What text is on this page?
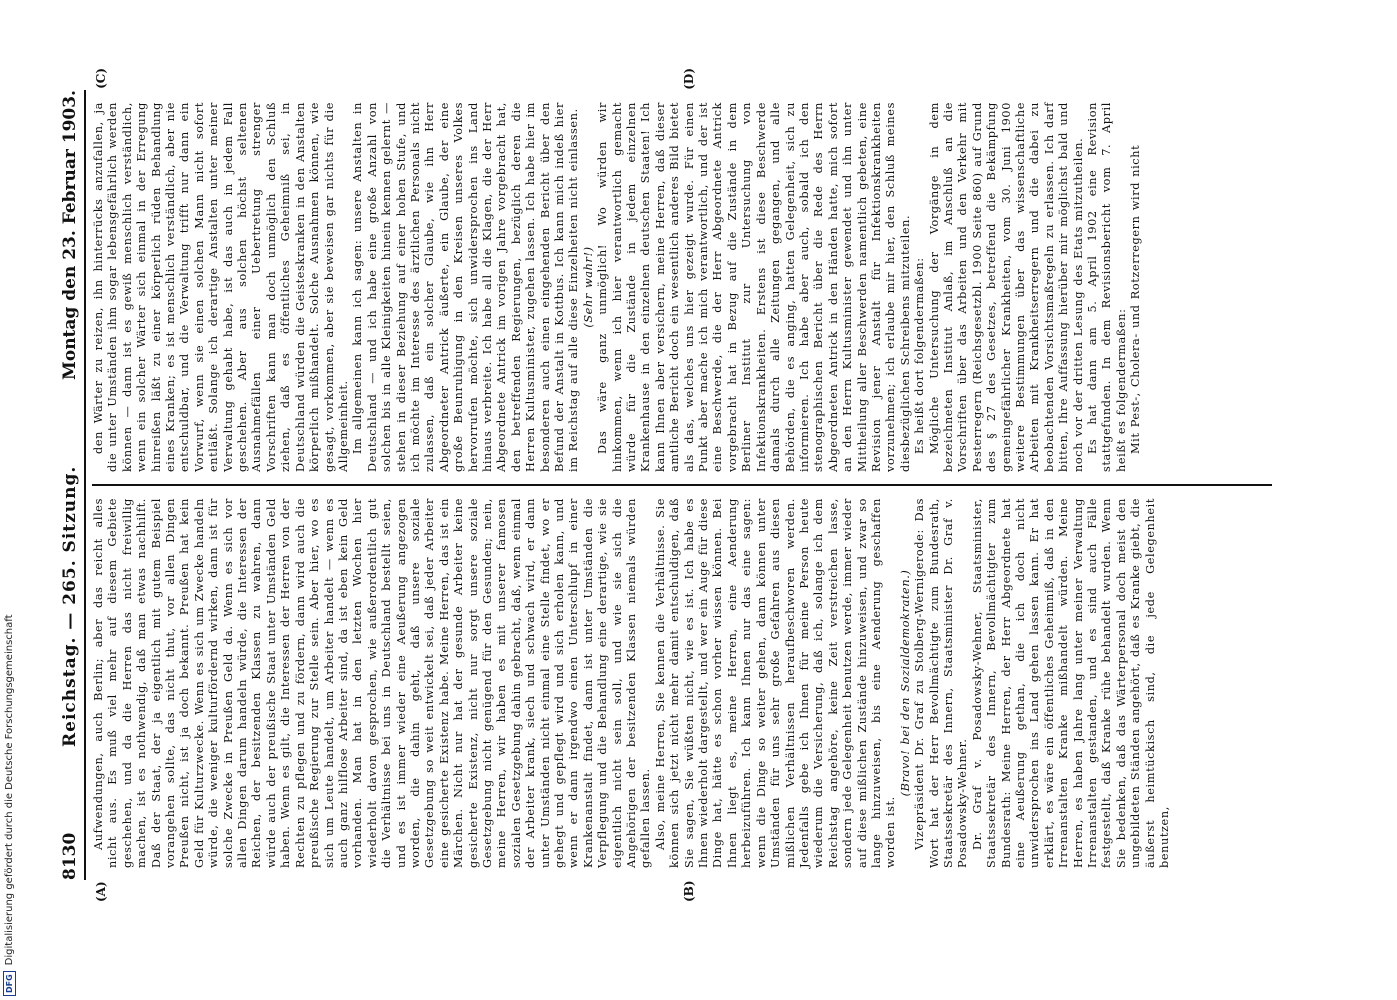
8130
Reichstag. — 265. Sitzung.
Montag den 23. Februar 1903.
(A)	(B)
(C)	(D)

Aufwendungen, auch Berlin; aber das reicht alles nicht aus. Es muß viel mehr auf diesem Gebiete geschehen, und da die Herren das nicht freiwillig machen, ist es nothwendig, daß man etwas nachhilft. Daß der Staat, der ja eigentlich mit gutem Beispiel vorangehen sollte, das nicht thut, vor allen Dingen Preußen nicht, ist ja doch bekannt. Preußen hat kein Geld für Kulturzwecke. Wenn es sich um Zwecke handeln würde, die weniger kulturfördernd wirken, dann ist für solche Zwecke in Preußen Geld da. Wenn es sich vor allen Dingen darum handeln würde, die Interessen der Reichen, der besitzenden Klassen zu wahren, dann würde auch der preußische Staat unter Umständen Geld haben. Wenn es gilt, die Interessen der Herren von der Rechten zu pflegen und zu fördern, dann wird auch die preußische Regierung zur Stelle sein. Aber hier, wo es sich um Leute handelt, um Arbeiter handelt — wenn es auch ganz hilflose Arbeiter sind, da ist eben kein Geld vorhanden. Man hat in den letzten Wochen hier wiederholt davon gesprochen, wie außerordentlich gut die Verhältnisse bei uns in Deutschland bestellt seien, und es ist immer wieder eine Aeußerung angezogen worden, die dahin geht, daß unsere soziale Gesetzgebung so weit entwickelt sei, daß jeder Arbeiter eine gesicherte Existenz habe. Meine Herren, das ist ein Märchen. Nicht nur hat der gesunde Arbeiter keine gesicherte Existenz, nicht nur sorgt unsere soziale Gesetzgebung nicht genügend für den Gesunden; nein, meine Herren, wir haben es mit unserer famosen sozialen Gesetzgebung dahin gebracht, daß, wenn einmal der Arbeiter krank, siech und schwach wird, er dann unter Umständen nicht einmal eine Stelle findet, wo er gehegt und gepflegt wird und sich erholen kann, und wenn er dann irgendwo einen Unterschlupf in einer Krankenanstalt findet, dann ist unter Umständen die Verpflegung und die Behandlung eine derartige, wie sie eigentlich nicht sein soll, und wie sie sich die Angehörigen der besitzenden Klassen niemals würden gefallen lassen. Also, meine Herren, Sie kennen die Verhältnisse. Sie können sich jetzt nicht mehr damit entschuldigen, daß Sie sagen, Sie wüßten nicht, wie es ist. Ich habe es Ihnen wiederholt dargestellt, und wer ein Auge für diese Dinge hat, hätte es schon vorher wissen können. Bei Ihnen liegt es, meine Herren, eine Aenderung herbeizuführen. Ich kann Ihnen nur das eine sagen: wenn die Dinge so weiter gehen, dann können unter Umständen für uns sehr große Gefahren aus diesen mißlichen Verhältnissen heraufbeschworen werden. Jedenfalls gebe ich Ihnen für meine Person heute wiederum die Versicherung, daß ich, solange ich dem Reichstag angehöre, keine Zeit verstreichen lasse, sondern jede Gelegenheit benutzen werde, immer wieder auf diese mißlichen Zustände hinzuweisen, und zwar so lange hinzuweisen, bis eine Aenderung geschaffen worden ist.

(Bravo! bei den Sozialdemokraten.) Vizepräsident Dr. Graf zu Stolberg-Wernigerode: Das Wort hat der Herr Bevollmächtigte zum Bundesrath, Staatssekretär des Innern, Staatsminister Dr. Graf v. Posadowsky-Wehner. Dr. Graf v. Posadowsky-Wehner, Staatsminister, Staatssekretär des Innern, Bevollmächtigter zum Bundesrath: Meine Herren, der Herr Abgeordnete hat eine Aeußerung gethan, die ich doch nicht unwidersprochen ins Land gehen lassen kann. Er hat erklärt, es wäre ein öffentliches Geheimniß, daß in den Irrenanstalten Kranke mißhandelt würden. Meine Herren, es haben Jahre lang unter meiner Verwaltung Irrenanstalten gestanden, und es sind auch Fälle festgestellt, daß Kranke rühe behandelt wurden. Wenn Sie bedenken, daß das Wärterpersonal doch meist den ungebildeten Ständen angehört, daß es Kranke giebt, die äußerst heimtückisch sind, die jede Gelegenheit benutzen,

den Wärter zu reizen, ihn hinterrücks anzufallen, ja die unter Umständen ihm sogar lebensgefährlich werden können — dann ist es gewiß menschlich verständlich, wenn ein solcher Wärter sich einmal in der Erregung hinreißen läßt zu einer körperlich rüden Behandlung eines Kranken; es ist menschlich verständlich, aber nie entschuldbar, und die Verwaltung trifft nur dann ein Vorwurf, wenn sie einen solchen Mann nicht sofort entläßt. Solange ich derartige Anstalten unter meiner Verwaltung gehabt habe, ist das auch in jedem Fall geschehen. Aber aus solchen höchst seltenen Ausnahmefällen einer Uebertretung strenger Vorschriften kann man doch unmöglich den Schluß ziehen, daß es öffentliches Geheimniß sei, in Deutschland würden die Geisteskranken in den Anstalten körperlich mißhandelt. Solche Ausnahmen können, wie gesagt, vorkommen, aber sie beweisen gar nichts für die Allgemeinheit. Im allgemeinen kann ich sagen: unsere Anstalten in Deutschland — und ich habe eine große Anzahl von solchen bis in alle Kleinigkeiten hinein kennen gelernt — stehen in dieser Beziehung auf einer hohen Stufe, und ich möchte im Interesse des ärztlichen Personals nicht zulassen, daß ein solcher Glaube, wie ihn Herr Abgeordneter Antrick äußerte, ein Glaube, der eine große Beunruhigung in den Kreisen unseres Volkes hervorrufen möchte, sich unwidersprochen ins Land hinaus verbreite. Ich habe all die Klagen, die der Herr Abgeordnete Antrick im vorigen Jahre vorgebracht hat, den betreffenden Regierungen, bezüglich deren die Herren Kultusminister, zugehen lassen. Ich habe hier im besonderen auch einen eingehenden Bericht über den Befund der Anstalt in Kottbus. Ich kann mich indeß hier im Reichstag auf alle diese Einzelheiten nicht einlassen. (Sehr wahr!) Das wäre ganz unmöglich! Wo würden wir hinkommen, wenn ich hier verantwortlich gemacht würde für die Zustände in jedem einzelnen Krankenhause in den einzelnen deutschen Staaten! Ich kann Ihnen aber versichern, meine Herren, daß dieser amtliche Bericht doch ein wesentlich anderes Bild bietet als das, welches uns hier gezeigt wurde. Für einen Punkt aber mache ich mich verantwortlich, und der ist eine Beschwerde, die der Herr Abgeordnete Antrick vorgebracht hat in Bezug auf die Zustände in dem Berliner Institut zur Untersuchung von Infektionskrankheiten. Erstens ist diese Beschwerde damals durch alle Zeitungen gegangen, und alle Behörden, die es anging, hatten Gelegenheit, sich zu informieren. Ich habe aber auch, sobald ich den stenographischen Bericht über die Rede des Herrn Abgeordneten Antrick in den Händen hatte, mich sofort an den Herrn Kultusminister gewendet und ihn unter Mittheilung aller Beschwerden namentlich gebeten, eine Revision jener Anstalt für Infektionskrankheiten vorzunehmen; ich erlaube mir hier, den Schluß meines diesbezüglichen Schreibens mitzuteilen. Es heißt dort folgendermaßen: Mögliche Untersuchung der Vorgänge in dem bezeichneten Institut Anlaß, im Anschluß an die Vorschriften über das Arbeiten und den Verkehr mit Pesterregern (Reichsgesetzbl. 1900 Seite 860) auf Grund des § 27 des Gesetzes, betreffend die Bekämpfung gemeingefährlicher Krankheiten, vom 30. Juni 1900 weitere Bestimmungen über das wissenschaftliche Arbeiten mit Krankheitserregern und die dabei zu beobachtenden Vorsichtsmaßregeln zu erlassen. Ich darf bitten, Ihre Auffassung hierüber mir möglichst bald und noch vor der dritten Lesung des Etats mitzutheilen. Es hat dann am 5. April 1902 eine Revision stattgefunden. In dem Revisionsbericht vom 7. April heißt es folgendermaßen: Mit Pest-, Cholera- und Rotzerregern wird nicht

DFG
Digitalisierung gefördert durch die Deutsche Forschungsgemeinschaft
